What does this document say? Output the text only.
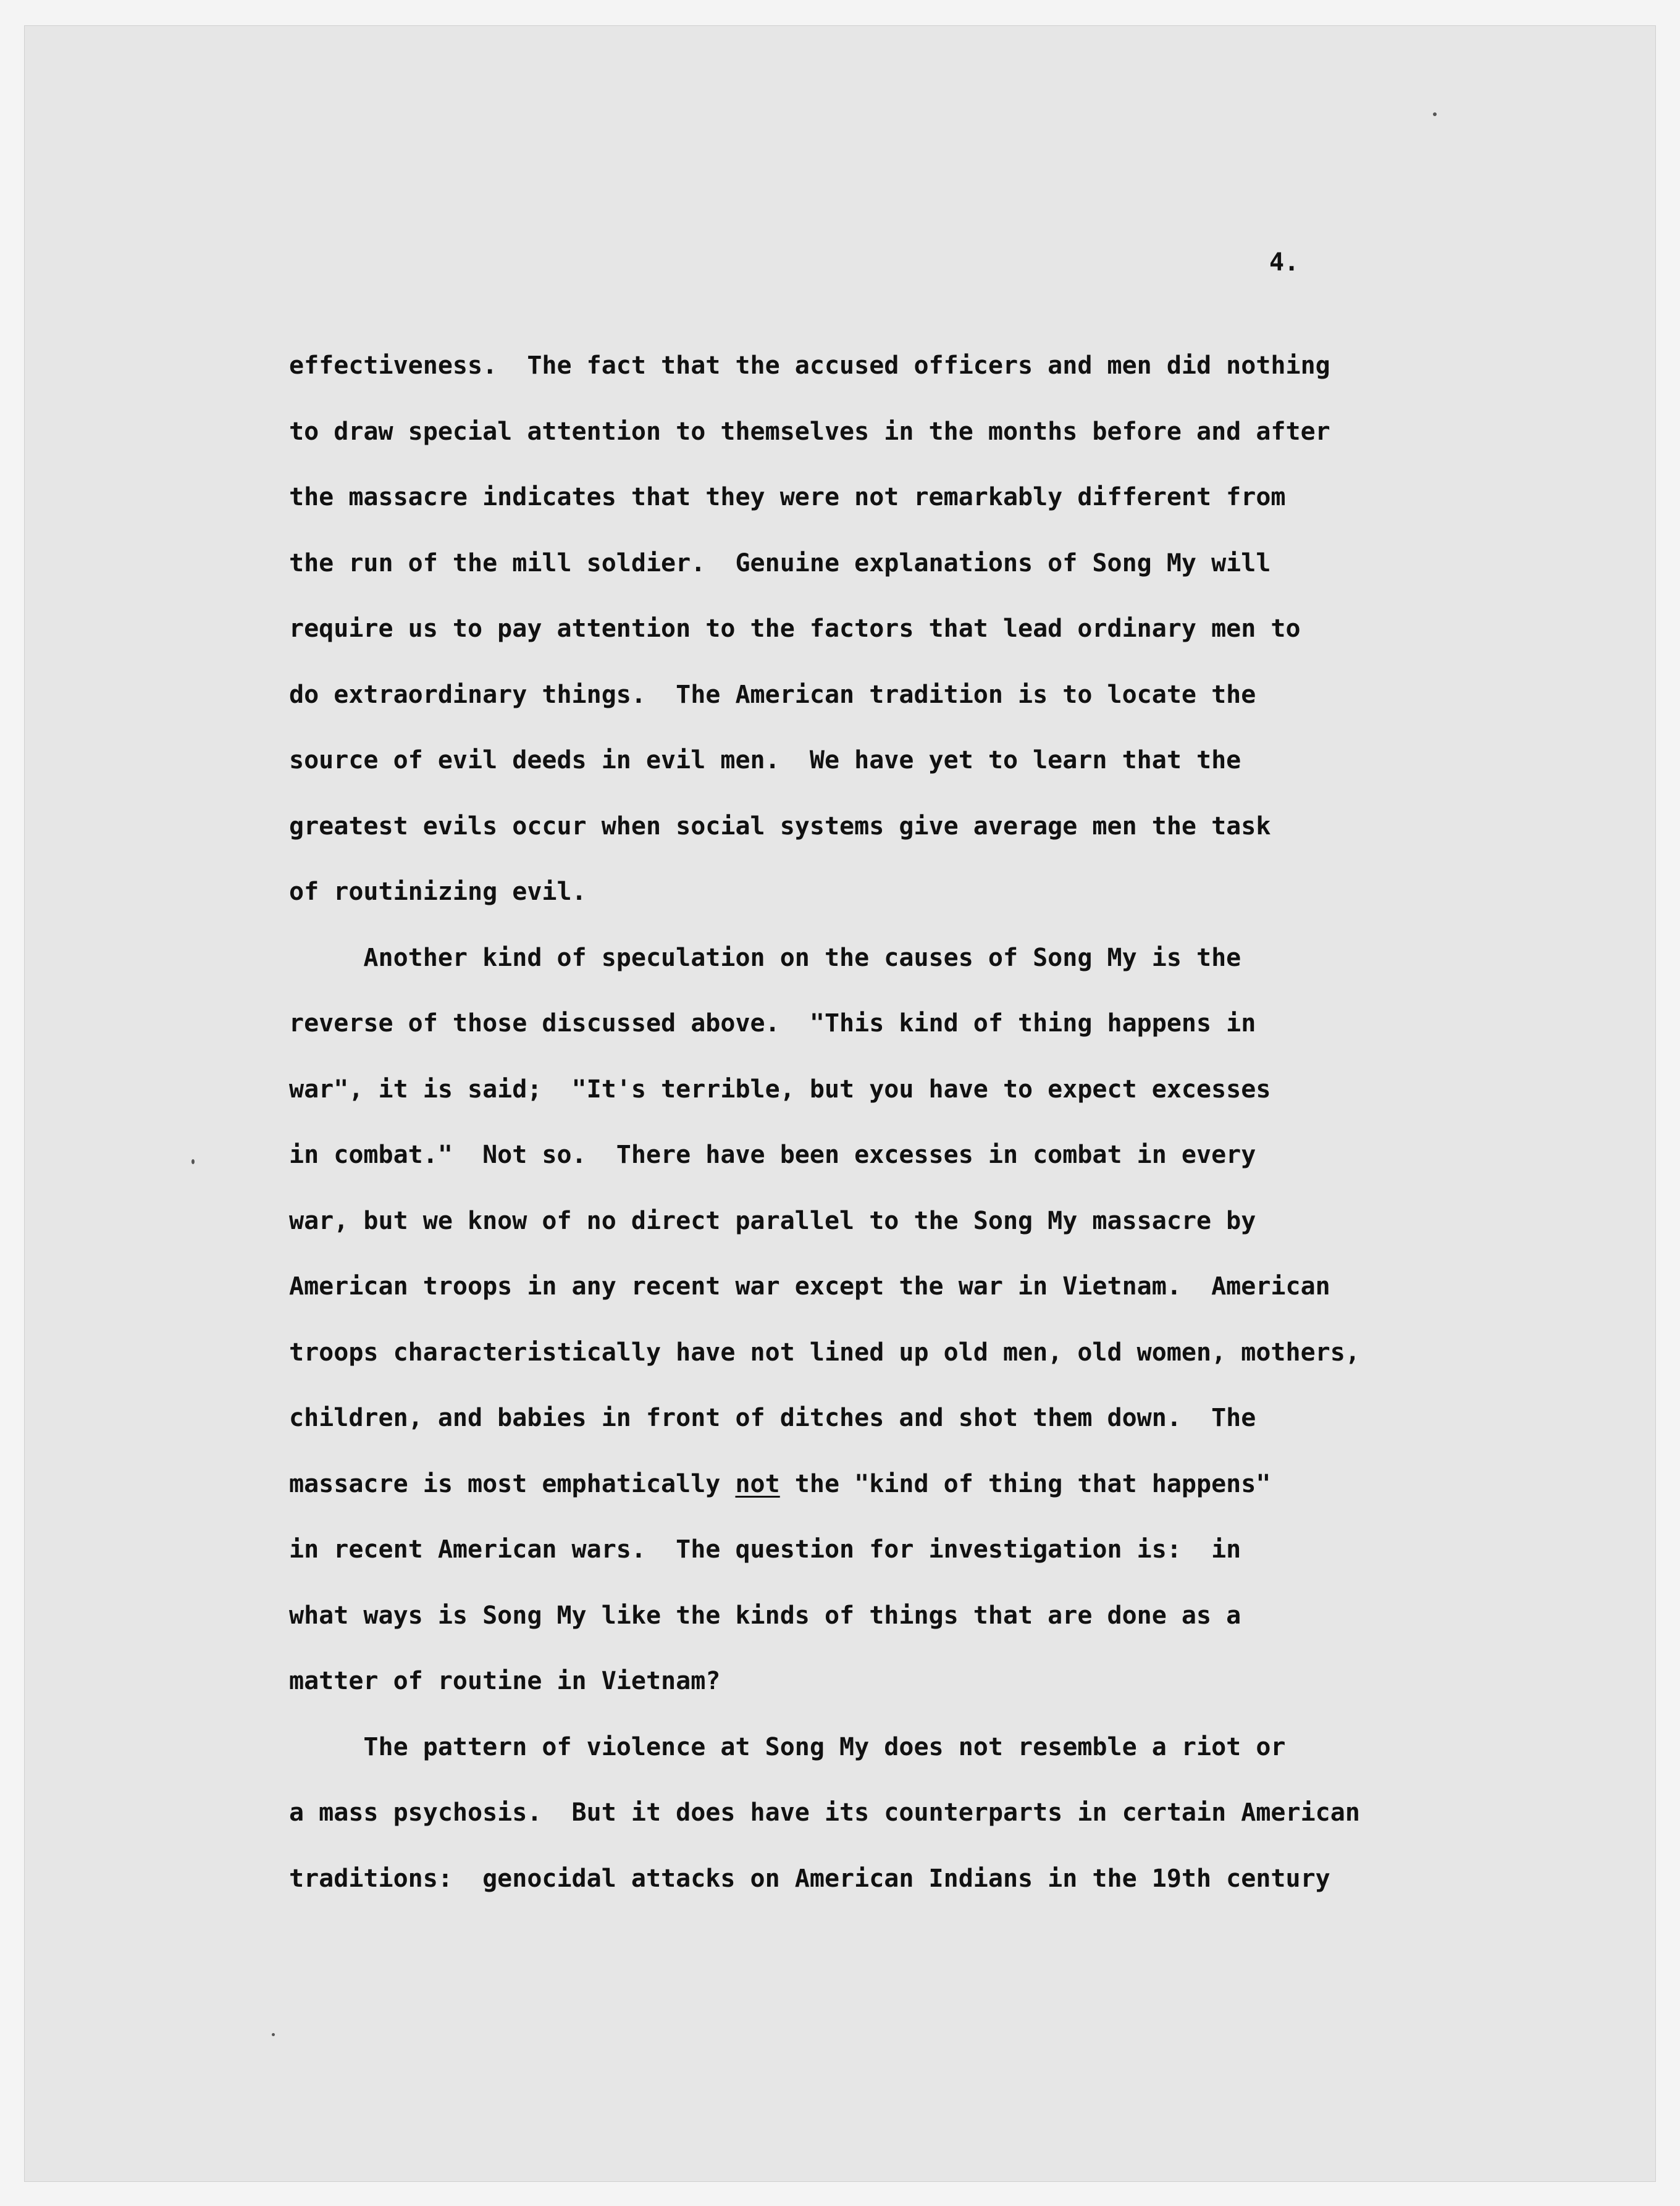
4.

effectiveness.  The fact that the accused officers and men did nothing
to draw special attention to themselves in the months before and after
the massacre indicates that they were not remarkably different from
the run of the mill soldier.  Genuine explanations of Song My will
require us to pay attention to the factors that lead ordinary men to
do extraordinary things.  The American tradition is to locate the
source of evil deeds in evil men.  We have yet to learn that the
greatest evils occur when social systems give average men the task
of routinizing evil.
Another kind of speculation on the causes of Song My is the
reverse of those discussed above.  "This kind of thing happens in
war", it is said;  "It's terrible, but you have to expect excesses
in combat."  Not so.  There have been excesses in combat in every
war, but we know of no direct parallel to the Song My massacre by
American troops in any recent war except the war in Vietnam.  American
troops characteristically have not lined up old men, old women, mothers,
children, and babies in front of ditches and shot them down.  The
massacre is most emphatically not the "kind of thing that happens"
in recent American wars.  The question for investigation is:  in
what ways is Song My like the kinds of things that are done as a
matter of routine in Vietnam?
The pattern of violence at Song My does not resemble a riot or
a mass psychosis.  But it does have its counterparts in certain American
traditions:  genocidal attacks on American Indians in the 19th century
